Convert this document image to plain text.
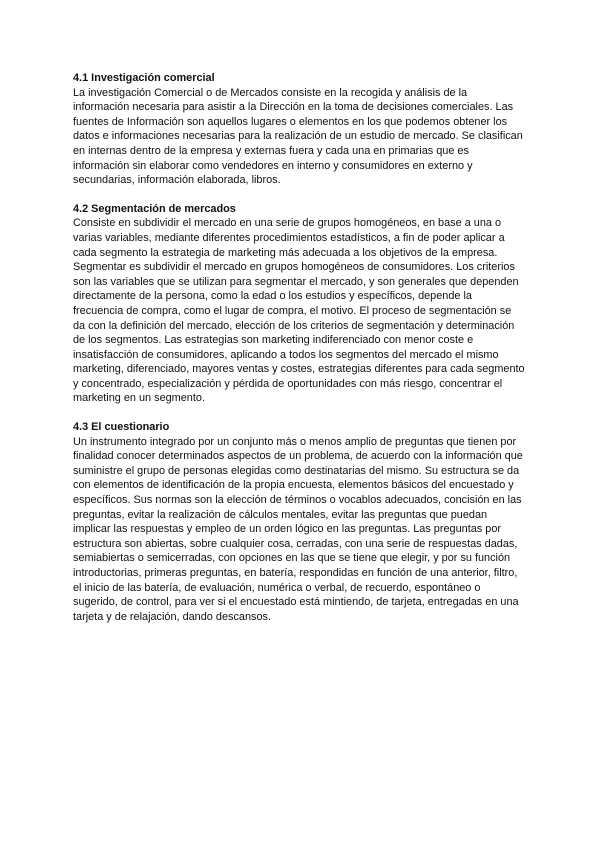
4.1 Investigación comercial

La investigación Comercial o de Mercados consiste en la recogida y análisis de la información necesaria para asistir a la Dirección en la toma de decisiones comerciales. Las fuentes de Información son aquellos lugares o elementos en los que podemos obtener los datos e informaciones necesarias para la realización de un estudio de mercado. Se clasifican en internas dentro de la empresa y externas fuera y cada una en primarias que es información sin elaborar como vendedores en interno y consumidores en externo y secundarias, información elaborada, libros.

4.2 Segmentación de mercados

Consiste en subdividir el mercado en una serie de grupos homogéneos, en base a una o varias variables, mediante diferentes procedimientos estadísticos, a fin de poder aplicar a cada segmento la estrategia de marketing más adecuada a los objetivos de la empresa. Segmentar es subdividir el mercado en grupos homogéneos de consumidores. Los criterios son las variables que se utilizan para segmentar el mercado, y son generales que dependen directamente de la persona, como la edad o los estudios y específicos, depende la frecuencia de compra, como el lugar de compra, el motivo. El proceso de segmentación se da con la definición del mercado, elección de los criterios de segmentación y determinación de los segmentos. Las estrategias son marketing indiferenciado con menor coste e insatisfacción de consumidores, aplicando a todos los segmentos del mercado el mismo marketing, diferenciado, mayores ventas y costes, estrategias diferentes para cada segmento y concentrado, especialización y pérdida de oportunidades con más riesgo, concentrar el marketing en un segmento.

4.3 El cuestionario

Un instrumento integrado por un conjunto más o menos amplio de preguntas que tienen por finalidad conocer determinados aspectos de un problema, de acuerdo con la información que suministre el grupo de personas elegidas como destinatarias del mismo. Su estructura se da con elementos de identificación de la propia encuesta, elementos básicos del encuestado y específicos. Sus normas son la elección de términos o vocablos adecuados, concisión en las preguntas, evitar la realización de cálculos mentales, evitar las preguntas que puedan implicar las respuestas y empleo de un orden lógico en las preguntas. Las preguntas por estructura son abiertas, sobre cualquier cosa, cerradas, con una serie de respuestas dadas, semiabiertas o semicerradas, con opciones en las que se tiene que elegir, y por su función introductorias, primeras preguntas, en batería, respondidas en función de una anterior, filtro, el inicio de las batería, de evaluación, numérica o verbal, de recuerdo, espontáneo o sugerido, de control, para ver si el encuestado está mintiendo, de tarjeta, entregadas en una tarjeta y de relajación, dando descansos.
